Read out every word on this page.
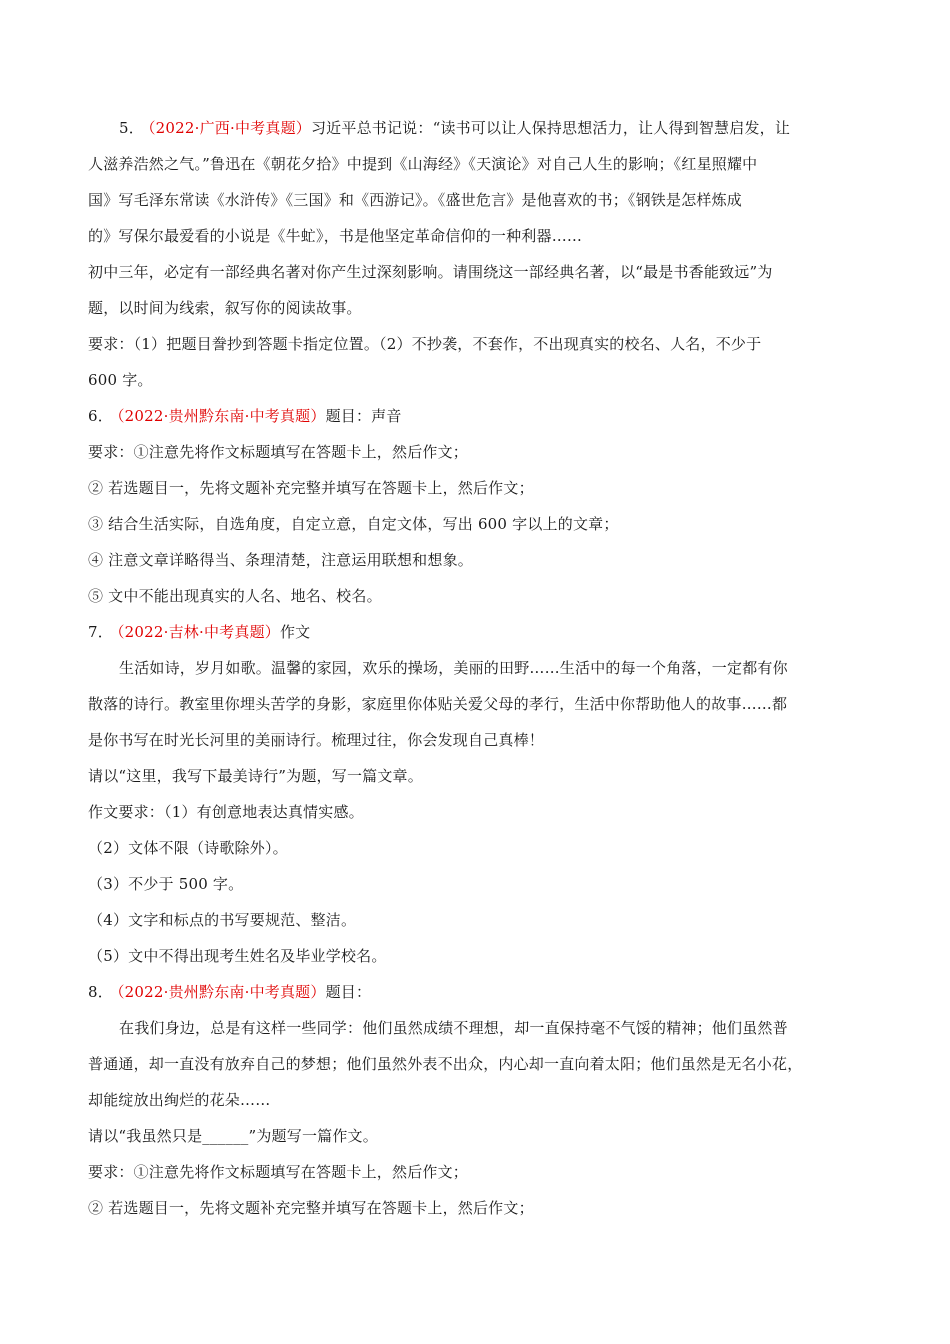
5． （2022·广西·中考真题）习近平总书记说：“读书可以让人保持思想活力，让人得到智慧启发，让
人滋养浩然之气。”鲁迅在《朝花夕拾》中提到《山海经》《天演论》对自己人生的影响；《红星照耀中
国》写毛泽东常读《水浒传》《三国》和《西游记》。《盛世危言》是他喜欢的书；《钢铁是怎样炼成
的》写保尔最爱看的小说是《牛虻》，书是他坚定革命信仰的一种利器……
初中三年，必定有一部经典名著对你产生过深刻影响。请围绕这一部经典名著，以“最是书香能致远”为
题，以时间为线索，叙写你的阅读故事。
要求：（1）把题目誊抄到答题卡指定位置。（2）不抄袭，不套作，不出现真实的校名、人名，不少于
600 字。
6． （2022·贵州黔东南·中考真题）题目：声音
要求：①注意先将作文标题填写在答题卡上，然后作文；
② 若选题目一，先将文题补充完整并填写在答题卡上，然后作文；
③ 结合生活实际，自选角度，自定立意，自定文体，写出 600 字以上的文章；
④ 注意文章详略得当、条理清楚，注意运用联想和想象。
⑤ 文中不能出现真实的人名、地名、校名。
7． （2022·吉林·中考真题）作文
生活如诗，岁月如歌。温馨的家园，欢乐的操场，美丽的田野……生活中的每一个角落，一定都有你
散落的诗行。教室里你埋头苦学的身影，家庭里你体贴关爱父母的孝行，生活中你帮助他人的故事……都
是你书写在时光长河里的美丽诗行。梳理过往，你会发现自己真棒！
请以“这里，我写下最美诗行”为题，写一篇文章。
作文要求：（1）有创意地表达真情实感。
（2）文体不限（诗歌除外）。
（3）不少于 500 字。
（4）文字和标点的书写要规范、整洁。
（5）文中不得出现考生姓名及毕业学校名。
8． （2022·贵州黔东南·中考真题）题目：
在我们身边，总是有这样一些同学：他们虽然成绩不理想，却一直保持毫不气馁的精神；他们虽然普
普通通，却一直没有放弃自己的梦想；他们虽然外表不出众，内心却一直向着太阳；他们虽然是无名小花，
却能绽放出绚烂的花朵……
请以“我虽然只是______”为题写一篇作文。
要求：①注意先将作文标题填写在答题卡上，然后作文；
② 若选题目一，先将文题补充完整并填写在答题卡上，然后作文；
